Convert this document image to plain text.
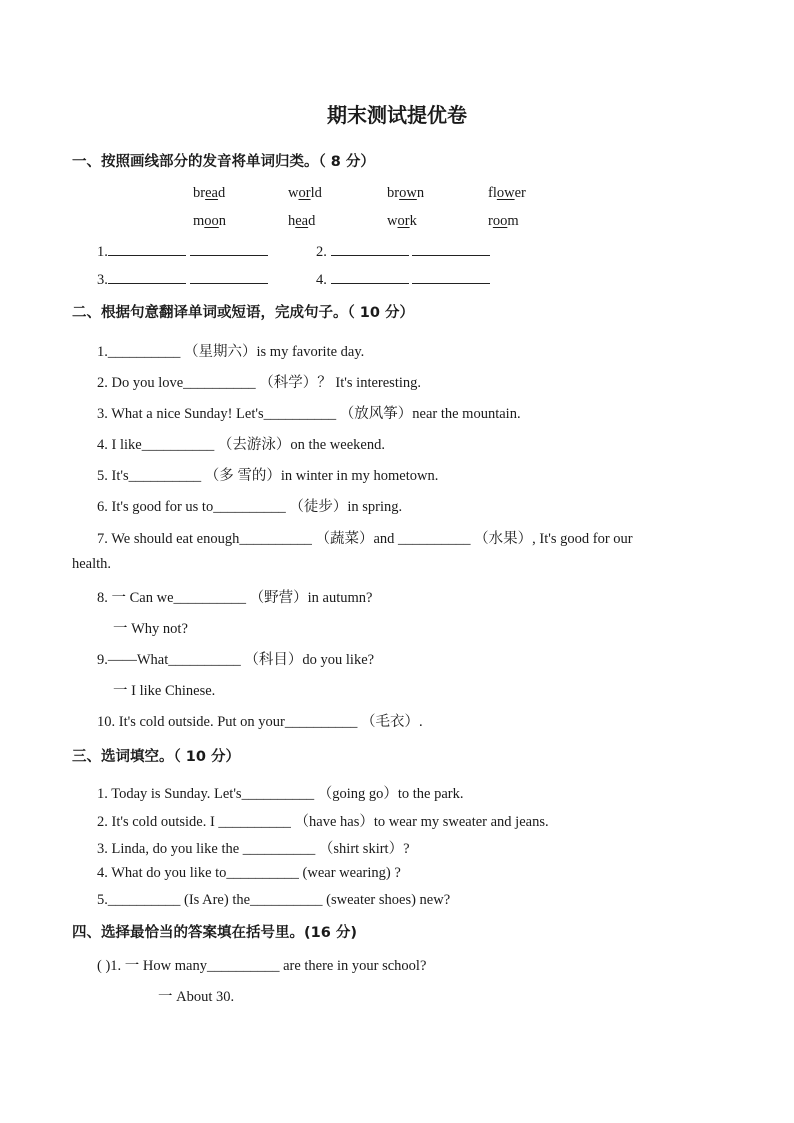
期末测试提优卷
一、按照画线部分的发音将单词归类。（ 8 分）
bread	world	brown	flower
moon	head	work	room
1.	2.
3.	4.
二、根据句意翻译单词或短语，完成句子。（ 10 分）
1.__________ （星期六）is my favorite day.
2. Do you love__________ （科学）？ It's interesting.
3. What a nice Sunday! Let's__________ （放风筝）near the mountain.
4. I like__________ （去游泳）on the weekend.
5. It's__________ （多 雪的）in winter in my hometown.
6. It's good for us to__________ （徒步）in spring.
7. We should eat enough__________ （蔬菜）and __________ （水果）, It's good for our
health.
8. 一 Can we__________ （野营）in autumn?
一 Why not?
9.——What__________ （科目）do you like?
一 I like Chinese.
10. It's cold outside. Put on your__________ （毛衣）.
三、选词填空。（ 10 分）
1. Today is Sunday. Let's__________ （going go）to the park.
2. It's cold outside. I __________ （have has）to wear my sweater and jeans.
3. Linda, do you like the __________ （shirt skirt）?
4. What do you like to__________ (wear wearing) ?
5.__________ (Is Are) the__________ (sweater shoes) new?
四、选择最恰当的答案填在括号里。(16 分)
( )1. 一 How many__________ are there in your school?
一 About 30.
